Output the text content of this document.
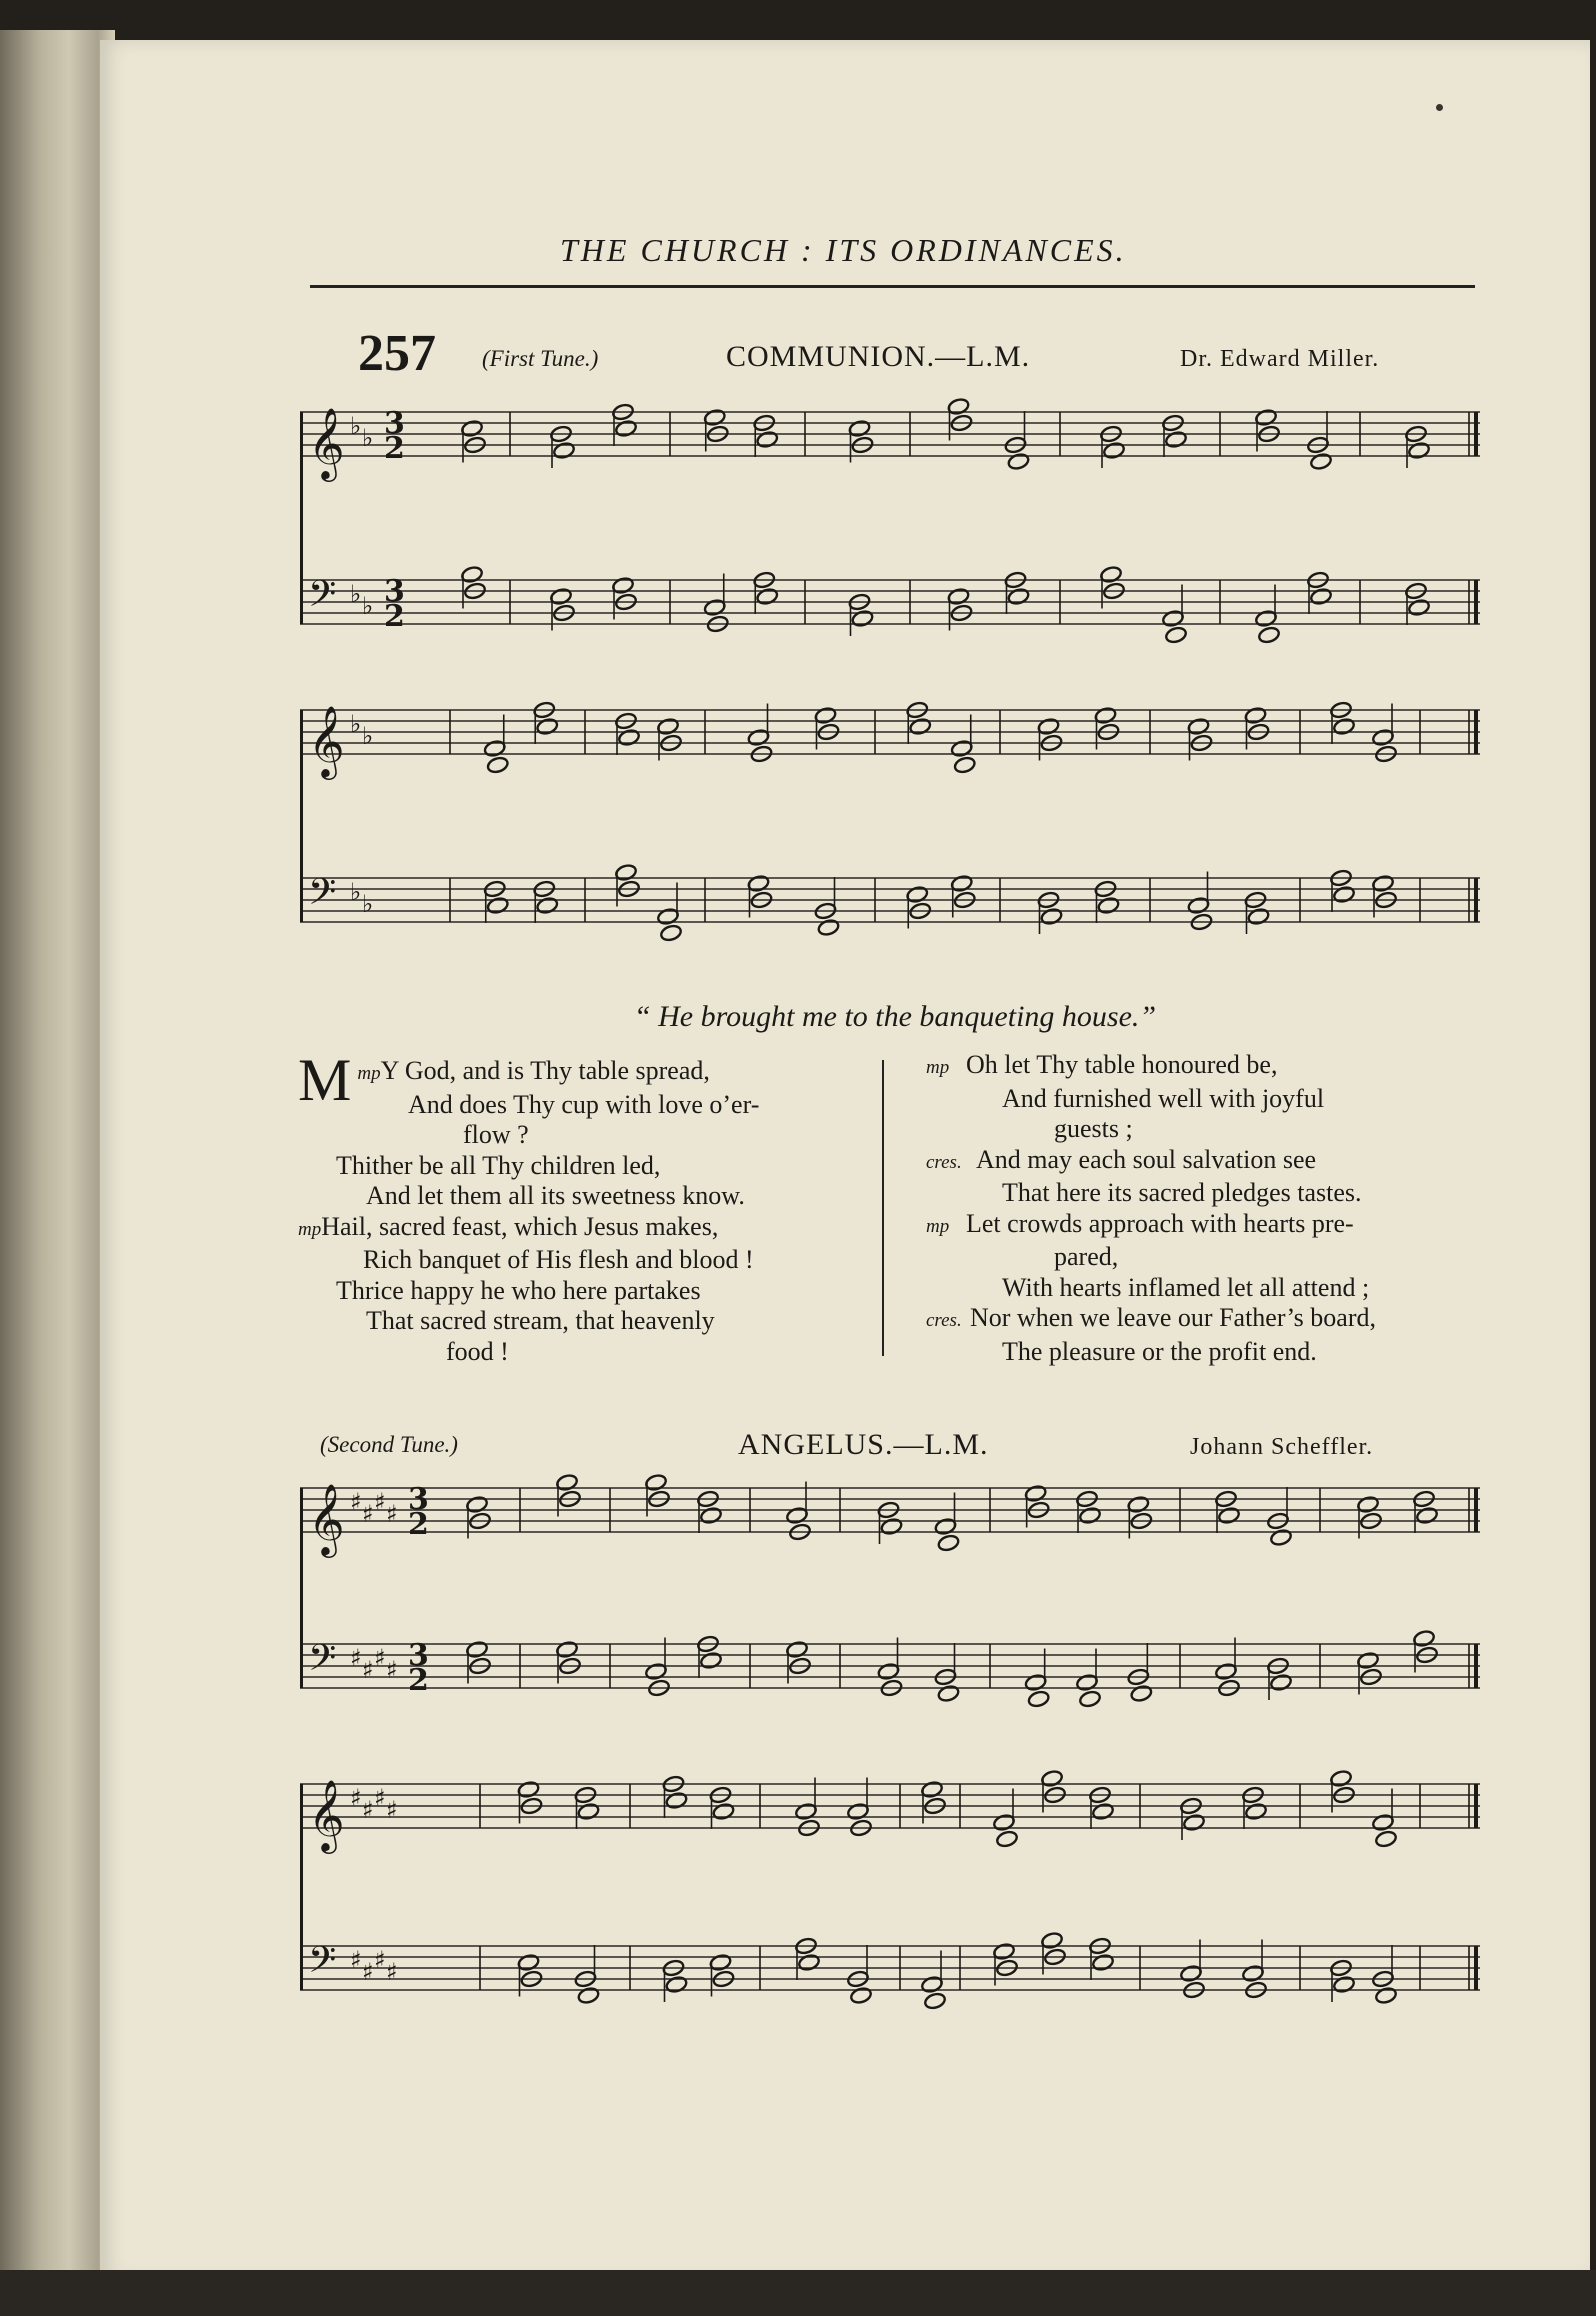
THE CHURCH : ITS ORDINANCES.
257 (First Tune.)	COMMUNION.—L.M.	Dr. Edward Miller.
𝄞 ♭ ♭ 3
2
𝄢 ♭ ♭ 3
2
𝄞 ♭ ♭
𝄢 ♭ ♭
𝄞 ♯ ♯ ♯ ♯ 3
2
𝄢 ♯ ♯ ♯ ♯ 3
2
𝄞 ♯ ♯ ♯ ♯
𝄢 ♯ ♯ ♯ ♯
“ He brought me to the banqueting house.”
mp
M Y God, and is Thy table spread,
And does Thy cup with love o’er-
flow ?
Thither be all Thy children led,
And let them all its sweetness know.
mpHail, sacred feast, which Jesus makes,
Rich banquet of His flesh and blood !
Thrice happy he who here partakes
That sacred stream, that heavenly
food !
mp Oh let Thy table honoured be,
And furnished well with joyful
guests ;
cres. And may each soul salvation see
That here its sacred pledges tastes.
mp Let crowds approach with hearts pre-
pared,
With hearts inflamed let all attend ;
cres. Nor when we leave our Father’s board,
The pleasure or the profit end.
(Second Tune.)	ANGELUS.—L.M.	Johann Scheffler.
